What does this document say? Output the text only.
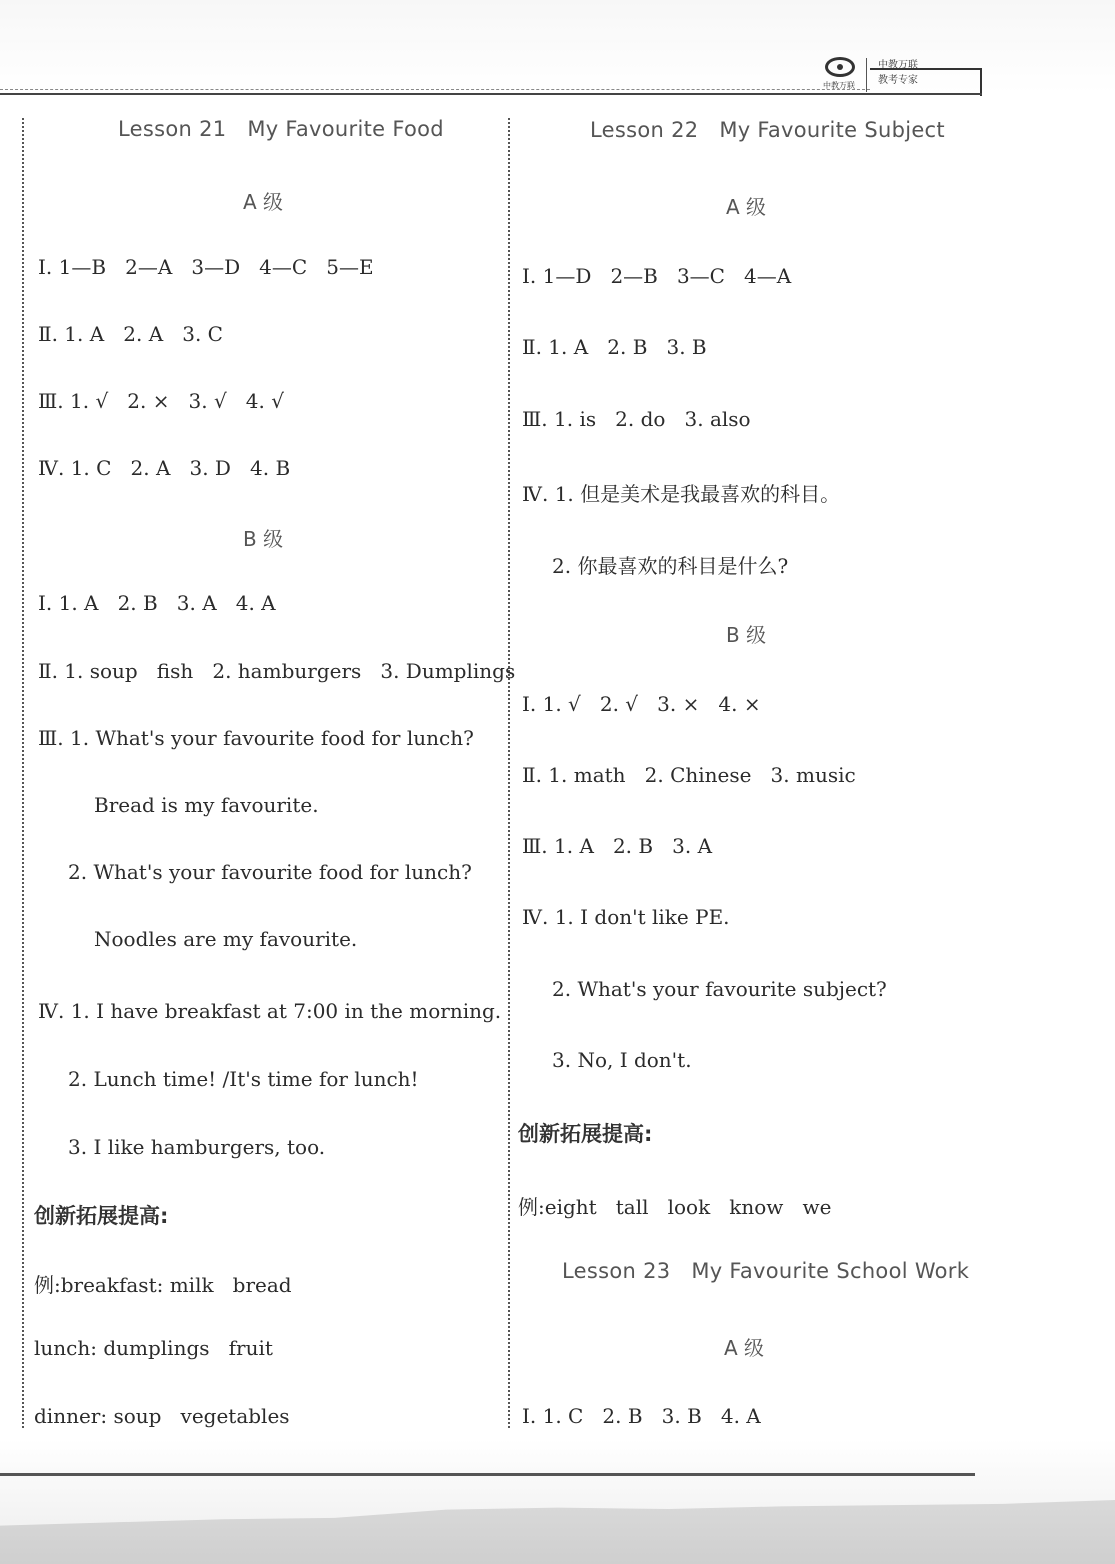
中教万联
中教万联
教考专家
Lesson 21   My Favourite Food
A 级
Ⅰ. 1—B   2—A   3—D   4—C   5—E
Ⅱ. 1. A   2. A   3. C
Ⅲ. 1. √   2. ×   3. √   4. √
Ⅳ. 1. C   2. A   3. D   4. B
B 级
Ⅰ. 1. A   2. B   3. A   4. A
Ⅱ. 1. soup   fish   2. hamburgers   3. Dumplings
Ⅲ. 1. What's your favourite food for lunch?
Bread is my favourite.
2. What's your favourite food for lunch?
Noodles are my favourite.
Ⅳ. 1. I have breakfast at 7:00 in the morning.
2. Lunch time! /It's time for lunch!
3. I like hamburgers, too.
创新拓展提高:
例:breakfast: milk   bread
lunch: dumplings   fruit
dinner: soup   vegetables
Lesson 22   My Favourite Subject
A 级
Ⅰ. 1—D   2—B   3—C   4—A
Ⅱ. 1. A   2. B   3. B
Ⅲ. 1. is   2. do   3. also
Ⅳ. 1. 但是美术是我最喜欢的科目。
2. 你最喜欢的科目是什么?
B 级
Ⅰ. 1. √   2. √   3. ×   4. ×
Ⅱ. 1. math   2. Chinese   3. music
Ⅲ. 1. A   2. B   3. A
Ⅳ. 1. I don't like PE.
2. What's your favourite subject?
3. No, I don't.
创新拓展提高:
例:eight   tall   look   know   we
Lesson 23   My Favourite School Work
A 级
Ⅰ. 1. C   2. B   3. B   4. A
